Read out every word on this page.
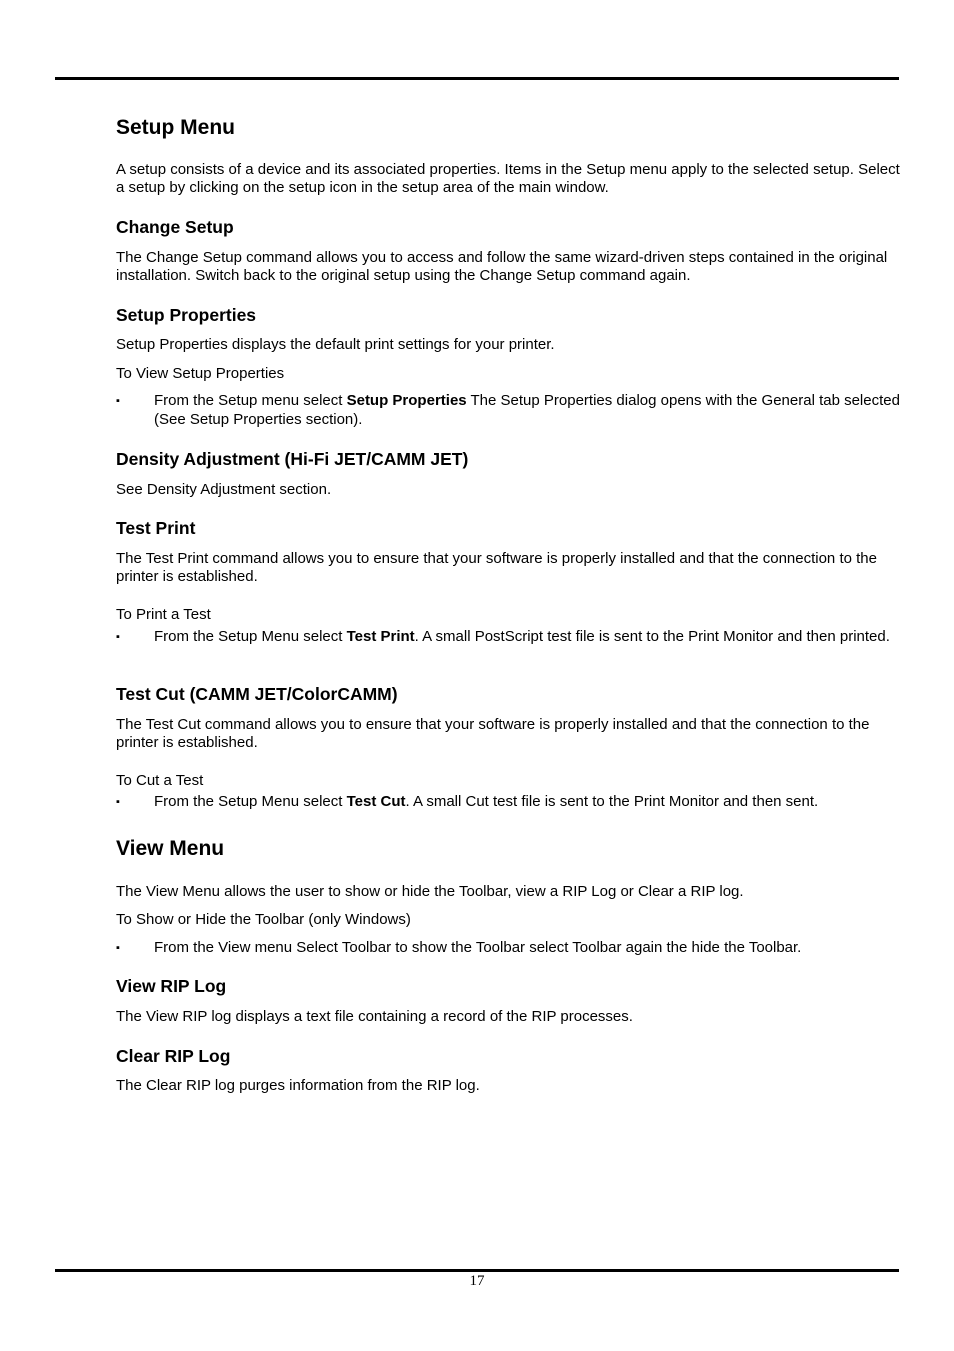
Setup Menu

A setup consists of a device and its associated properties. Items in the Setup menu apply to the selected setup. Select a setup by clicking on the setup icon in the setup area of the main window.

Change Setup

The Change Setup command allows you to access and follow the same wizard-driven steps contained in the original installation. Switch back to the original setup using the Change Setup command again.

Setup Properties

Setup Properties displays the default print settings for your printer.

To View Setup Properties

▪ From the Setup menu select Setup Properties The Setup Properties dialog opens with the General tab selected (See Setup Properties section).
Density Adjustment (Hi-Fi JET/CAMM JET)

See Density Adjustment section.

Test Print

The Test Print command allows you to ensure that your software is properly installed and that the connection to the printer is established.

To Print a Test

▪ From the Setup Menu select Test Print. A small PostScript test file is sent to the Print Monitor and then printed.
Test Cut (CAMM JET/ColorCAMM)

The Test Cut command allows you to ensure that your software is properly installed and that the connection to the printer is established.

To Cut a Test

▪ From the Setup Menu select Test Cut. A small Cut test file is sent to the Print Monitor and then sent.
View Menu

The View Menu allows the user to show or hide the Toolbar, view a RIP Log or Clear a RIP log.

To Show or Hide the Toolbar (only Windows)

▪ From the View menu Select Toolbar to show the Toolbar select Toolbar again the hide the Toolbar.
View RIP Log

The View RIP log displays a text file containing a record of the RIP processes.

Clear RIP Log

The Clear RIP log purges information from the RIP log.

17
